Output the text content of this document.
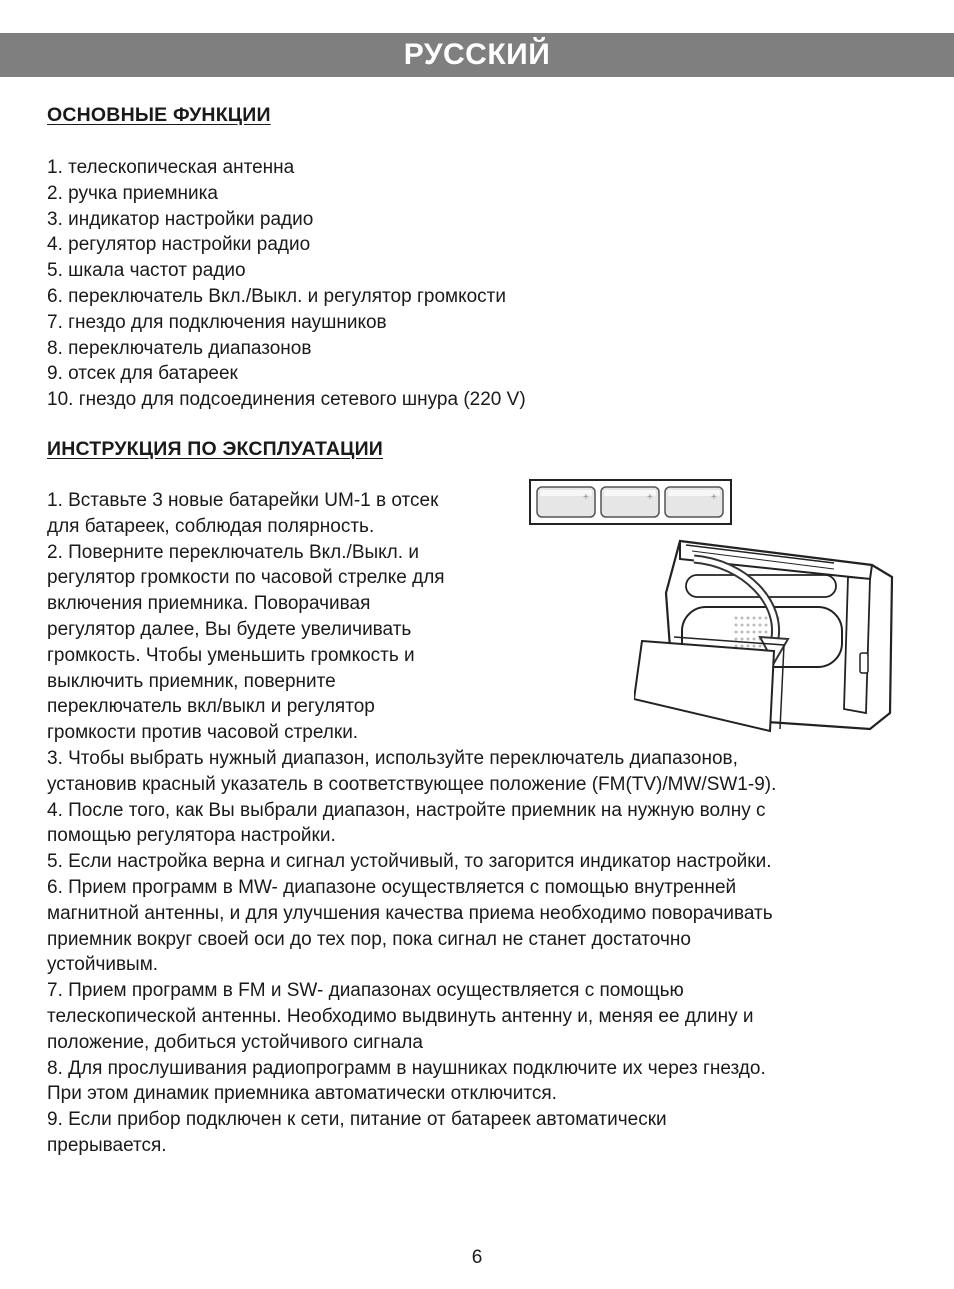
РУССКИЙ
ОСНОВНЫЕ ФУНКЦИИ
1. телескопическая антенна
2. ручка приемника
3. индикатор настройки радио
4. регулятор настройки радио
5. шкала частот радио
6. переключатель Вкл./Выкл. и регулятор громкости
7. гнездо для подключения наушников
8. переключатель диапазонов
9. отсек для батареек
10. гнездо для подсоединения сетевого шнура (220 V)
ИНСТРУКЦИЯ ПО ЭКСПЛУАТАЦИИ
+	+	+
1. Вставьте 3 новые батарейки UM-1 в отсек
для батареек, соблюдая полярность.
2. Поверните переключатель Вкл./Выкл. и
регулятор громкости по часовой стрелке для
включения приемника. Поворачивая
регулятор далее, Вы будете увеличивать
громкость. Чтобы уменьшить громкость и
выключить приемник, поверните
переключатель вкл/выкл и регулятор
громкости против часовой стрелки.
3. Чтобы выбрать нужный диапазон, используйте переключатель диапазонов,
установив красный указатель в соответствующее положение (FM(TV)/MW/SW1-9).
4. После того, как Вы выбрали диапазон, настройте приемник на нужную волну с
помощью регулятора настройки.
5. Если настройка верна и сигнал устойчивый, то загорится индикатор настройки.
6. Прием программ в MW- диапазоне осуществляется с помощью внутренней
магнитной антенны, и для улучшения качества приема необходимо поворачивать
приемник вокруг своей оси до тех пор, пока сигнал не станет достаточно
устойчивым.
7. Прием программ в FM и SW- диапазонах осуществляется с помощью
телескопической антенны. Необходимо выдвинуть антенну и, меняя ее длину и
положение, добиться устойчивого сигнала
8. Для прослушивания радиопрограмм в наушниках подключите их через гнездо.
При этом динамик приемника автоматически отключится.
9. Если прибор подключен к сети, питание от батареек автоматически
прерывается.
6
